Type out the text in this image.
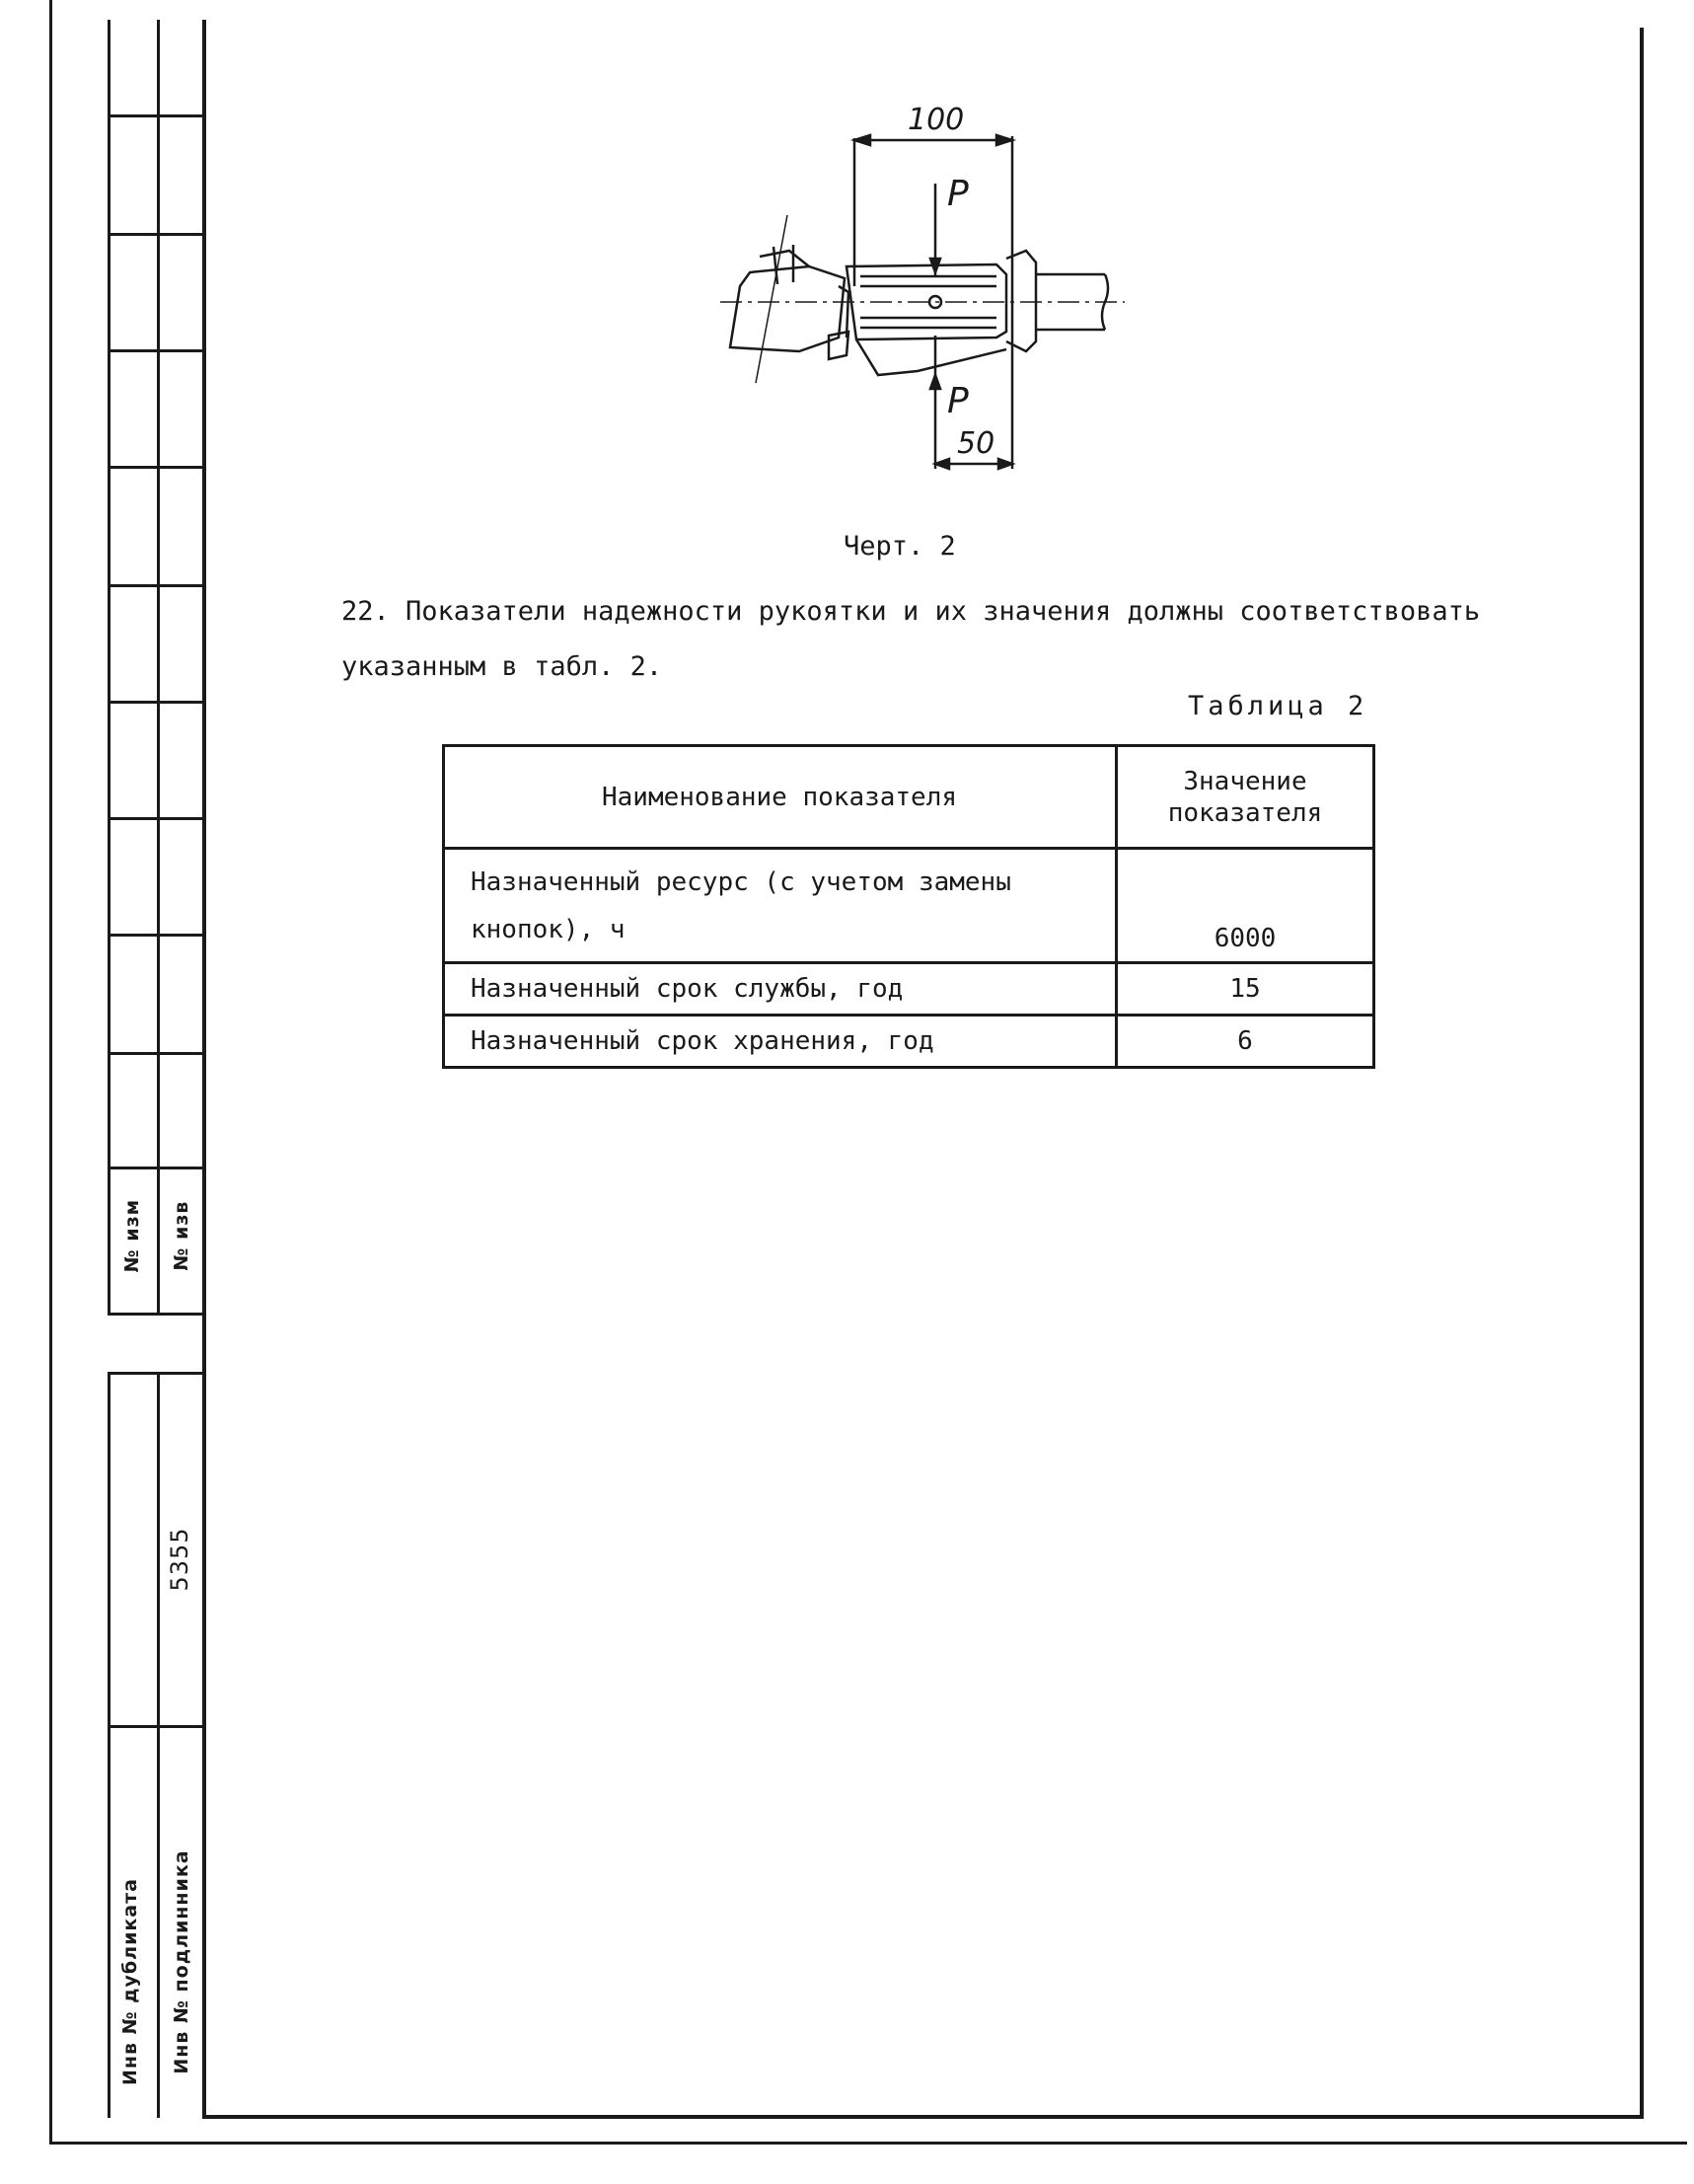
№ изм № изв
5355
Инв № дубликата Инв № подлинника
100
50
P
P
Черт. 2
22. Показатели надежности рукоятки и их значения должны соответствовать
указанным в табл. 2.
Таблица 2
Наименование показателя	Значение
показателя
Назначенный ресурс (с учетом замены
кнопок), ч	6000
Назначенный срок службы, год	15
Назначенный срок хранения, год	6
